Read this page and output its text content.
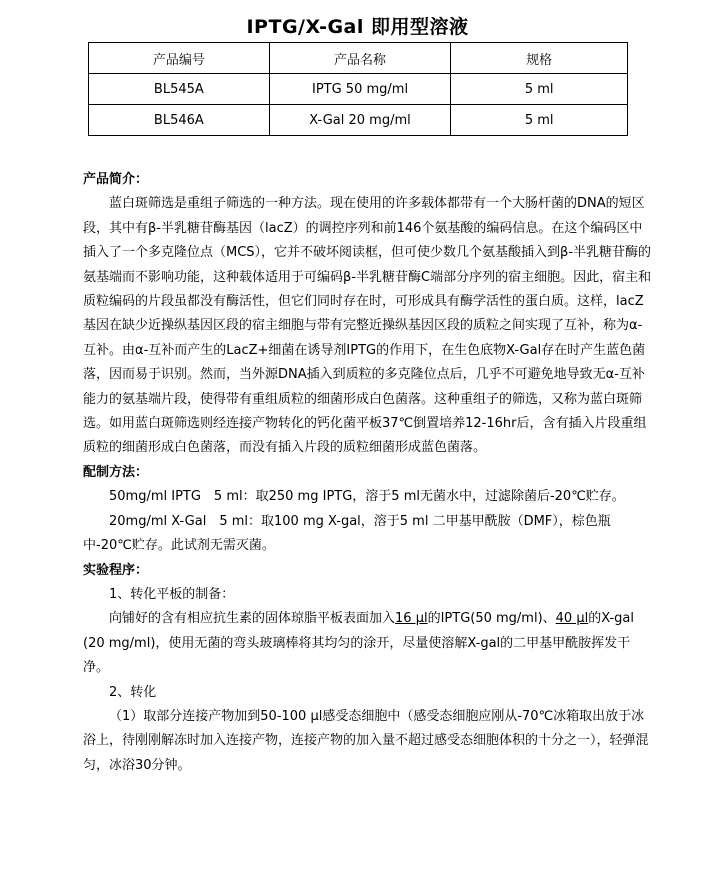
IPTG/X-Gal 即用型溶液
产品编号	产品名称	规格
BL545A	IPTG 50 mg/ml	5 ml
BL546A	X-Gal 20 mg/ml	5 ml

产品简介：

蓝白斑筛选是重组子筛选的一种方法。现在使用的许多载体都带有一个大肠杆菌的DNA的短区段，其中有β-半乳糖苷酶基因（lacZ）的调控序列和前146个氨基酸的编码信息。在这个编码区中插入了一个多克隆位点（MCS），它并不破坏阅读框，但可使少数几个氨基酸插入到β-半乳糖苷酶的氨基端而不影响功能，这种载体适用于可编码β-半乳糖苷酶C端部分序列的宿主细胞。因此，宿主和质粒编码的片段虽都没有酶活性，但它们同时存在时，可形成具有酶学活性的蛋白质。这样，lacZ基因在缺少近操纵基因区段的宿主细胞与带有完整近操纵基因区段的质粒之间实现了互补，称为α-互补。由α-互补而产生的LacZ+细菌在诱导剂IPTG的作用下，在生色底物X-Gal存在时产生蓝色菌落，因而易于识别。然而，当外源DNA插入到质粒的多克隆位点后，几乎不可避免地导致无α-互补能力的氨基端片段，使得带有重组质粒的细菌形成白色菌落。这种重组子的筛选，又称为蓝白斑筛选。如用蓝白斑筛选则经连接产物转化的钙化菌平板37℃倒置培养12-16hr后，含有插入片段重组质粒的细菌形成白色菌落，而没有插入片段的质粒细菌形成蓝色菌落。

配制方法：

50mg/ml IPTG　5 ml：取250 mg IPTG，溶于5 ml无菌水中，过滤除菌后-20℃贮存。

20mg/ml X-Gal　5 ml：取100 mg X-gal，溶于5 ml 二甲基甲酰胺（DMF），棕色瓶中-20℃贮存。此试剂无需灭菌。

实验程序：

1、转化平板的制备：

向铺好的含有相应抗生素的固体琼脂平板表面加入16 µl的IPTG(50 mg/ml)、40 µl的X-gal (20 mg/ml)，使用无菌的弯头玻璃棒将其均匀的涂开，尽量使溶解X-gal的二甲基甲酰胺挥发干净。

2、转化

（1）取部分连接产物加到50-100 µl感受态细胞中（感受态细胞应刚从-70℃冰箱取出放于冰浴上，待刚刚解冻时加入连接产物，连接产物的加入量不超过感受态细胞体积的十分之一），轻弹混匀，冰浴30分钟。
